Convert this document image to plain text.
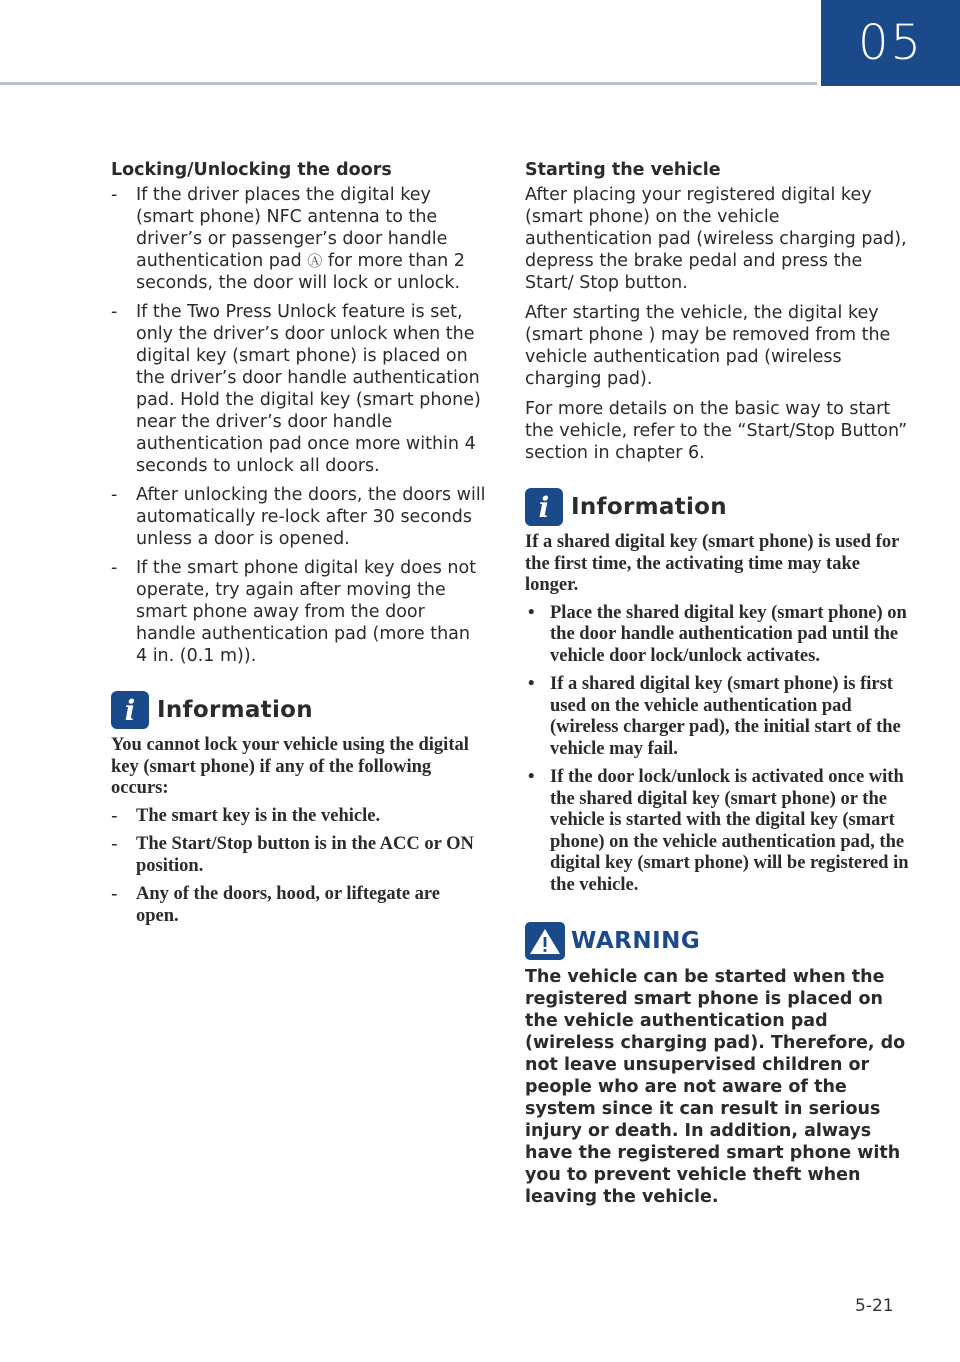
05
Locking/Unlocking the doors
- If the driver places the digital key (smart phone) NFC antenna to the driver’s or passenger’s door handle authentication pad Ⓐ for more than 2 seconds, the door will lock or unlock.
- If the Two Press Unlock feature is set, only the driver’s door unlock when the digital key (smart phone) is placed on the driver’s door handle authentication pad. Hold the digital key (smart phone) near the driver’s door handle authentication pad once more within 4 seconds to unlock all doors.
- After unlocking the doors, the doors will automatically re-lock after 30 seconds unless a door is opened.
- If the smart phone digital key does not operate, try again after moving the smart phone away from the door handle authentication pad (more than 4 in. (0.1 m)).
i Information

You cannot lock your vehicle using the digital key (smart phone) if any of the following occurs:

- The smart key is in the vehicle.
- The Start/Stop button is in the ACC or ON position.
- Any of the doors, hood, or liftegate are open.
Starting the vehicle

After placing your registered digital key (smart phone) on the vehicle authentication pad (wireless charging pad), depress the brake pedal and press the Start/ Stop button.

After starting the vehicle, the digital key (smart phone ) may be removed from the vehicle authentication pad (wireless charging pad).

For more details on the basic way to start the vehicle, refer to the “Start/Stop Button” section in chapter 6.

i Information

If a shared digital key (smart phone) is used for the first time, the activating time may take longer.

• Place the shared digital key (smart phone) on the door handle authentication pad until the vehicle door lock/unlock activates.
• If a shared digital key (smart phone) is first used on the vehicle authentication pad (wireless charger pad), the initial start of the vehicle may fail.
• If the door lock/unlock is activated once with the shared digital key (smart phone) or the vehicle is started with the digital key (smart phone) on the vehicle authentication pad, the digital key (smart phone) will be registered in the vehicle.
WARNING

The vehicle can be started when the registered smart phone is placed on the vehicle authentication pad (wireless charging pad). Therefore, do not leave unsupervised children or people who are not aware of the system since it can result in serious injury or death. In addition, always have the registered smart phone with you to prevent vehicle theft when leaving the vehicle.

5-21
